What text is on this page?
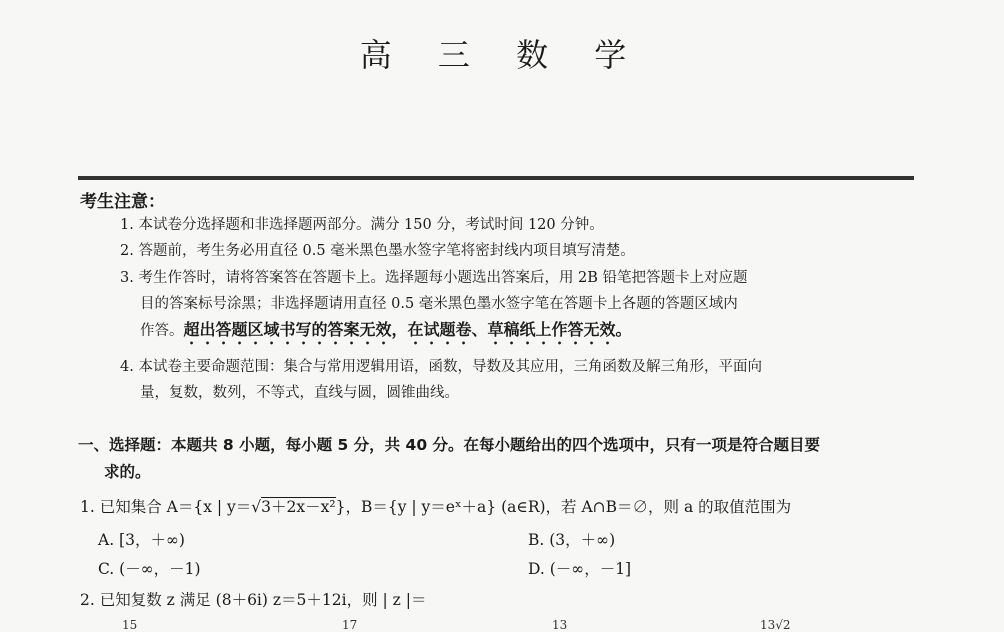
高 三 数 学
考生注意：
1. 本试卷分选择题和非选择题两部分。满分 150 分，考试时间 120 分钟。
2. 答题前，考生务必用直径 0.5 毫米黑色墨水签字笔将密封线内项目填写清楚。
3. 考生作答时，请将答案答在答题卡上。选择题每小题选出答案后，用 2B 铅笔把答题卡上对应题
目的答案标号涂黑；非选择题请用直径 0.5 毫米黑色墨水签字笔在答题卡上各题的答题区域内
作答。超出答题区域书写的答案无效，在试题卷、草稿纸上作答无效。
4. 本试卷主要命题范围：集合与常用逻辑用语，函数，导数及其应用，三角函数及解三角形，平面向
量，复数，数列，不等式，直线与圆，圆锥曲线。
一、选择题：本题共 8 小题，每小题 5 分，共 40 分。在每小题给出的四个选项中，只有一项是符合题目要
求的。
1. 已知集合 A＝{x | y＝√3＋2x－x²}，B＝{y | y＝eˣ＋a} (a∈R)，若 A∩B＝∅，则 a 的取值范围为
A. [3，＋∞)	B. (3，＋∞)
C. (－∞，－1)	D. (－∞，－1]
2. 已知复数 z 满足 (8＋6i) z＝5＋12i，则 | z |＝
15	17	13	13√2
